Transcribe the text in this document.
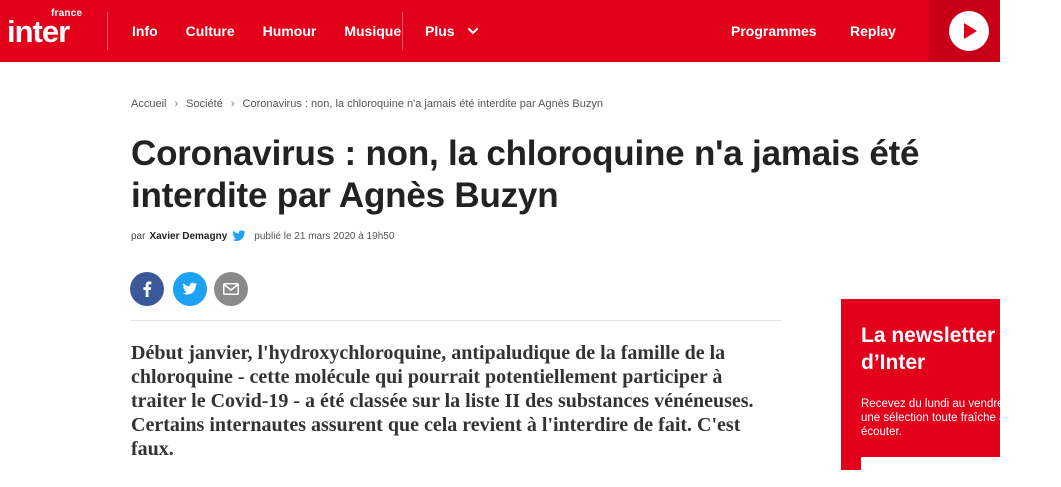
france
inter	Info Culture Humour Musique Plus	Programmes Replay
Accueil › Société › Coronavirus : non, la chloroquine n'a jamais été interdite par Agnès Buzyn
Coronavirus : non, la chloroquine n'a jamais été interdite par Agnès Buzyn
par Xavier Demagny	publié le 21 mars 2020 à 19h50

Début janvier, l'hydroxychloroquine, antipaludique de la famille de la chloroquine - cette molécule qui pourrait potentiellement participer à traiter le Covid-19 - a été classée sur la liste II des substances vénéneuses. Certains internautes assurent que cela revient à l'interdire de fait. C'est faux.

La newsletter
d’Inter
Recevez du lundi au vendredi
une sélection toute fraîche à lire ou à
écouter.
